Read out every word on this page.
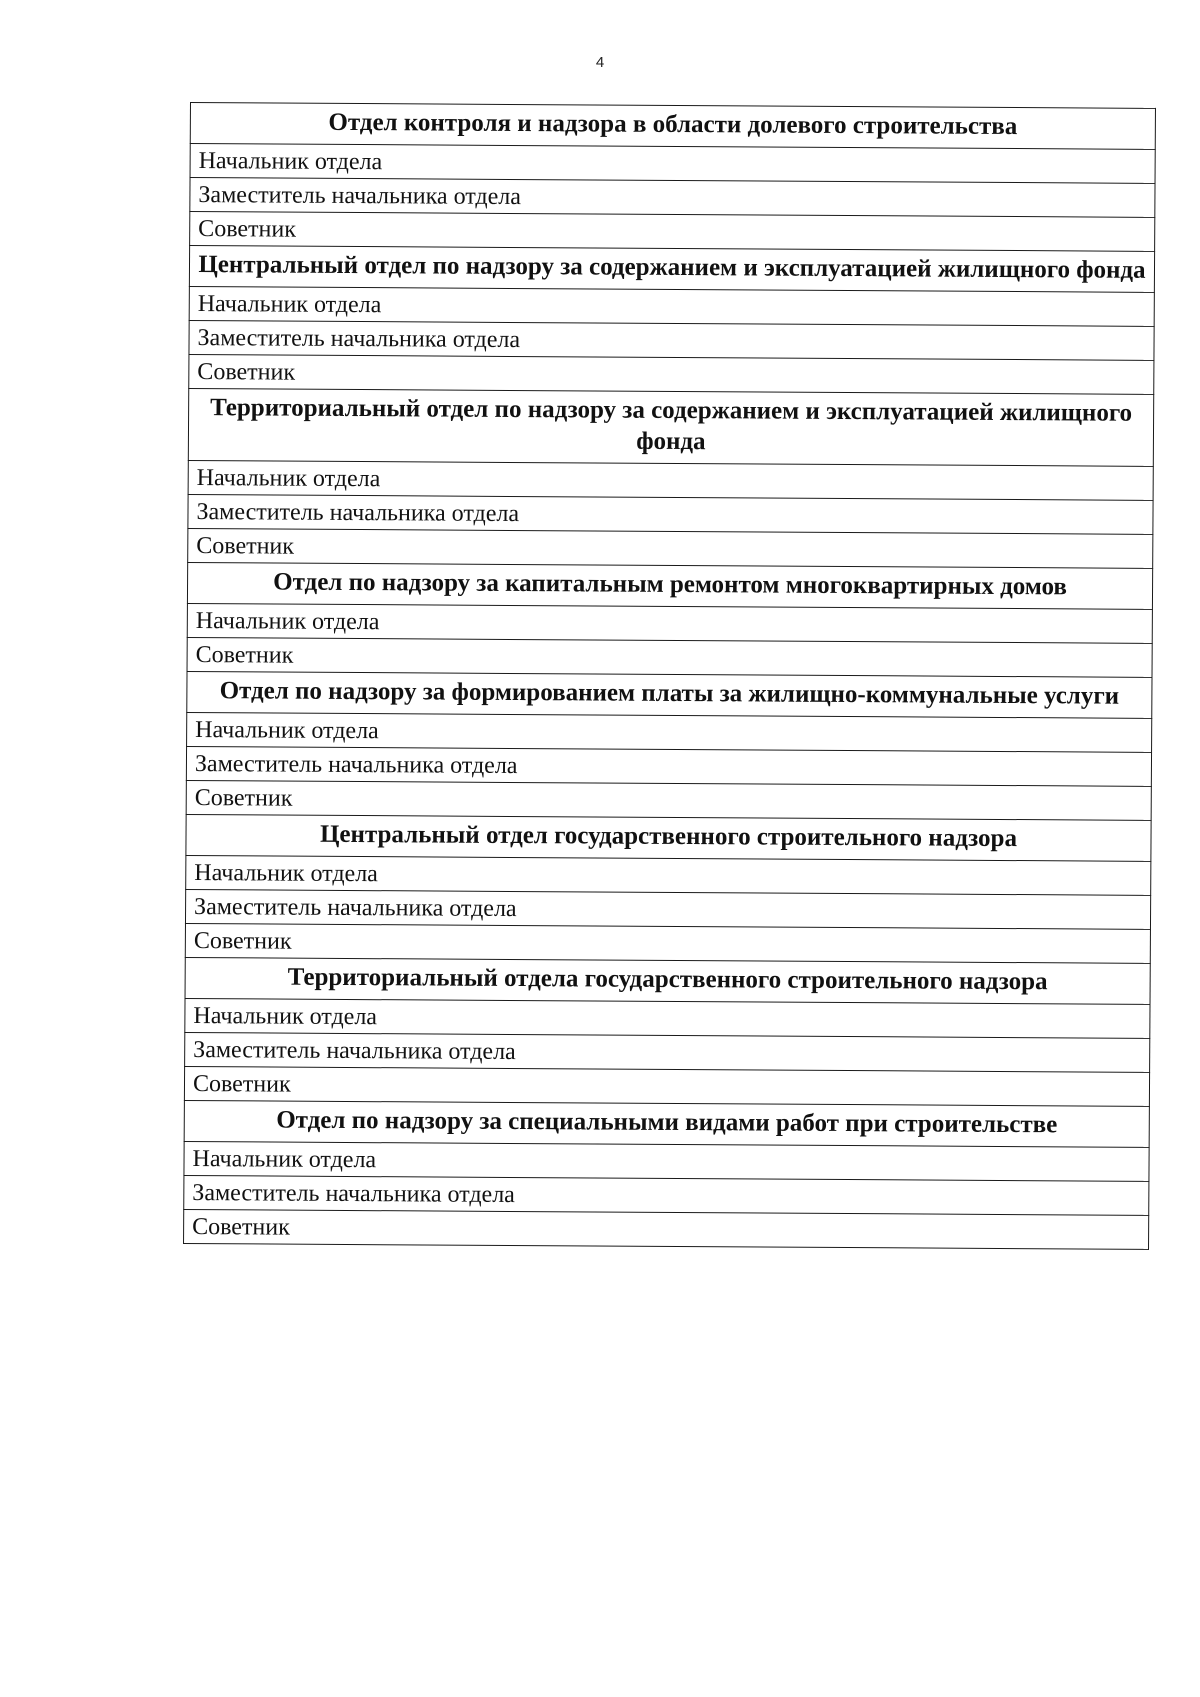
4
Отдел контроля и надзора в области долевого строительства
Начальник отдела
Заместитель начальника отдела
Советник
Центральный отдел по надзору за содержанием и эксплуатацией жилищного фонда
Начальник отдела
Заместитель начальника отдела
Советник
Территориальный отдел по надзору за содержанием и эксплуатацией жилищного фонда
Начальник отдела
Заместитель начальника отдела
Советник
Отдел по надзору за капитальным ремонтом многоквартирных домов
Начальник отдела
Советник
Отдел по надзору за формированием платы за жилищно-коммунальные услуги
Начальник отдела
Заместитель начальника отдела
Советник
Центральный отдел государственного строительного надзора
Начальник отдела
Заместитель начальника отдела
Советник
Территориальный отдела государственного строительного надзора
Начальник отдела
Заместитель начальника отдела
Советник
Отдел по надзору за специальными видами работ при строительстве
Начальник отдела
Заместитель начальника отдела
Советник
